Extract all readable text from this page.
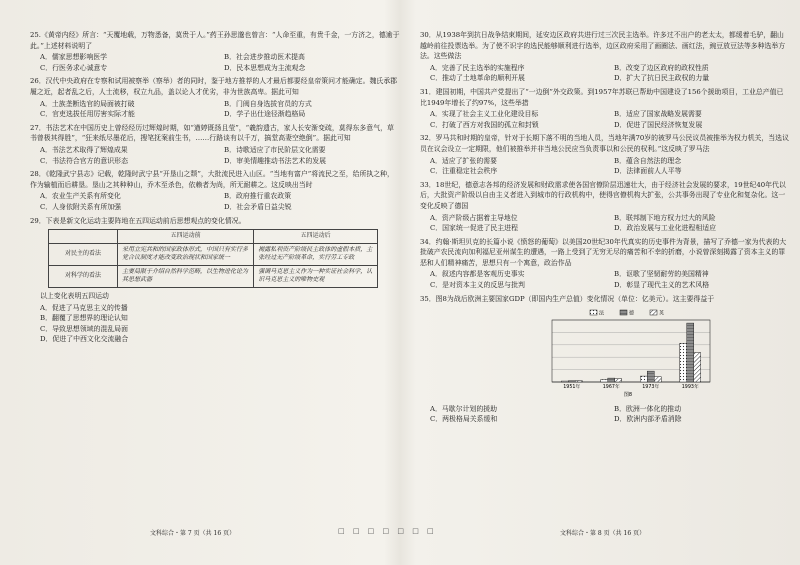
25.《黄帝内经》所言：“天覆地载，万物悉备，莫贵于人。”药王孙思邈也曾言：“人命至重，有贵千金，一方济之，德逾于此。”上述材料说明了

A．儒家思想影响医学	B．社会进步推动医术提高
C．行医务求心诚意专	D．民本思想成为主流观念

26．汉代中央政府在专察和试用被察举（察举）者的同时，鉴于地方推荐的人才最后都要经皇帝策问才能确定。魏氏承郡履之近，起者乱之后，人士流移，权立九品，盖以论人才优劣，非为世族高卑。据此可知

A．土族垄断选官的局面被打破	B．门阀自身选拔官员的方式
C．官吏选拔任用厉害实际才能	D．学子出仕途径渐趋格局

27．书法艺术在中国历史上曾经经历过辉煌时期，如“遒婷既扬且莹”，“羲韵遗古，家人长安渐变疏，莫得东多意气，草书曾极其得胜”，“狂来纸尽墨花后，搜笔抚案前生书，……行路谈有以千万，搞堂高妻空绝倒”。据此可知

A．书法艺术取得了辉煌成果	B．诗歌适应了市民阶层文化需要
C．书法符合官方的意识形态	D．审美情趣推动书法艺术的发展

28．《乾隆武宁县志》记载，乾隆时武宁县“开垦山之颓”，大批流民进入山区。“当地有富户”将流民之至，给所执之种，作为输植而后耕垦。垦山之其种种山，乔木至杀色，依赖者为尚，所无耐耕之。这反映出当时

A．农业生产关系有所变化	B．政府推行重农政策
C．人身依附关系有所加强	D．社会矛盾日益尖锐

29．下表是新文化运动主要阵地在五四运动前后思想观点的变化情况。

	五四运动前	五四运动后
对民主的看法	采用立宪共和的国家政体形式，中国只有实行多党合议制度才能改变政治现状和国家统一	揭露私利资产阶级民主政体的虚假本质，主张经过无产阶级革命，实行劳工专政
对科学的看法	主要局限于介绍自然科学范畴，以生物进化论为其思想武器	强调马克思主义作为一种实证社会科学，认识马克思主义的唯物史观

以上变化表明五四运动

A．促进了马克思主义的传播
B．翻覆了思想界的理论认知
C．导致思想领域的混乱局面
D．促进了中西文化交流融合
文科综合・第 7 页（共 16 页）	□ □ □ □ □ □ □	文科综合・第 8 页（共 16 页）

30．从1938年到抗日战争结束期间，延安边区政府共进行过三次民主选举。许多过不出户的老太太，都缓着毛驴，翻山越岭前往投票选举。为了使不识字的选民能够顺利进行选举，边区政府采用了画圈法、画红法，豌豆放豆法等多种选举方法。这些做法

A．完善了民主选举的实施程序	B．改变了边区政府的政权性质
C．推动了土地革命的顺利开展	D．扩大了抗日民主政权的力量

31．建国初期，中国共产党提出了“一边倒”外交政策。到1957年苏联已帮助中国建设了156个援助项目，工业总产值已比1949年增长了约97%，这些举措

A．实现了社会主义工业化建设目标	B．适应了国家战略发展需要
C．打破了西方对我国的孤立和封锁	D．促进了国民经济恢复发展

32．罗马共和时期的皇帝，针对于长期下落不明的当地人员，当地年满70岁的被罗马公民议员被推举为权力机关，当选议员在议会设立一定期限，他们被推举并非当地公民应当负责事以和公民的权利。”这反映了罗马法

A．适应了扩张的需要	B．蕴含自然法的理念
C．注重稳定社会秩序	D．法律面前人人平等

33．18世纪，德意志各邦的经济发展和财政需求使各国官僚阶层迅速壮大，由于经济社会发展的要求，19世纪40年代以后，大批资产阶级以自由主义者进入到城市的行政机构中，使得官僚机构大扩张，公共事务出现了专业化和复杂化。这一变化反映了德国

A．资产阶级占据着主导地位	B．联邦制下地方权力过大的风险
C．国家统一促进了民主进程	D．政治发展与工业化进程相适应

34．约翰·斯坦贝克的长篇小说《愤怒的葡萄》以美国20世纪30年代真实的历史事件为背景，描写了乔德一家为代表的大批破产农民流向加利福尼亚州谋生的遭遇，一路上受到了无穷无尽的痛苦和不幸的折磨，小说曾深刻揭露了资本主义的罪恶和人们精神痛苦，思想只有一个寓意，政治作品

A．叙述内容都是客观历史事实	B．讴歌了坚韧耐劳的美国精神
C．是对资本主义的反思与批判	D．彰显了现代主义的艺术风格

35．图8为战后欧洲主要国家GDP（即国内生产总值）变化情况（单位：亿美元）。这主要得益于

法	德	英
1951年	1967年	1973年	1993年
图8
A．马歇尔计划的援助	B．欧洲一体化的推动
C．两极格局关系缓和	D．欧洲内部矛盾消除
